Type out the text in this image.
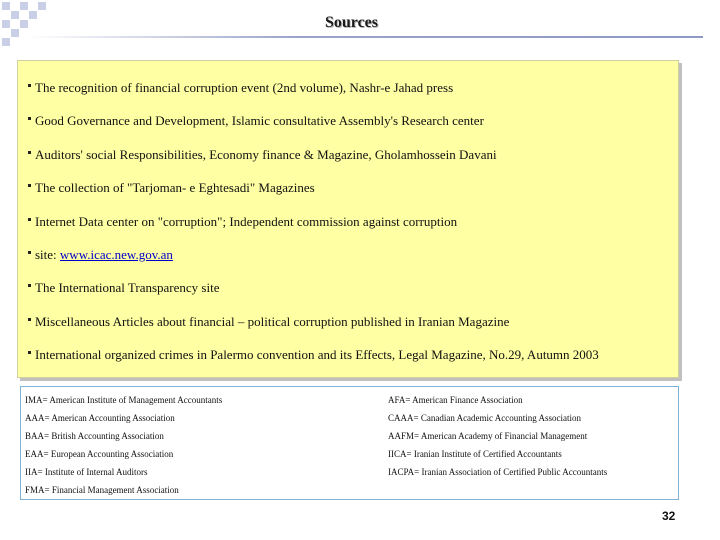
Sources
The recognition of financial corruption event (2nd volume), Nashr-e Jahad press
Good Governance and Development, Islamic consultative Assembly's Research center
Auditors' social Responsibilities, Economy finance & Magazine, Gholamhossein Davani
The collection of "Tarjoman- e Eghtesadi" Magazines
Internet Data center on "corruption"; Independent commission against corruption
site: www.icac.new.gov.an
The International Transparency site
Miscellaneous Articles about financial – political corruption published in Iranian Magazine
International organized crimes in Palermo convention and its Effects, Legal Magazine, No.29, Autumn 2003
IMA= American Institute of Management Accountants
AAA= American Accounting Association
BAA= British Accounting Association
EAA= European Accounting Association
IIA= Institute of Internal Auditors
FMA= Financial Management Association
AFA= American Finance Association
CAAA= Canadian Academic Accounting Association
AAFM= American Academy of Financial Management
IICA= Iranian Institute of Certified Accountants
IACPA= Iranian Association of Certified Public Accountants
32
